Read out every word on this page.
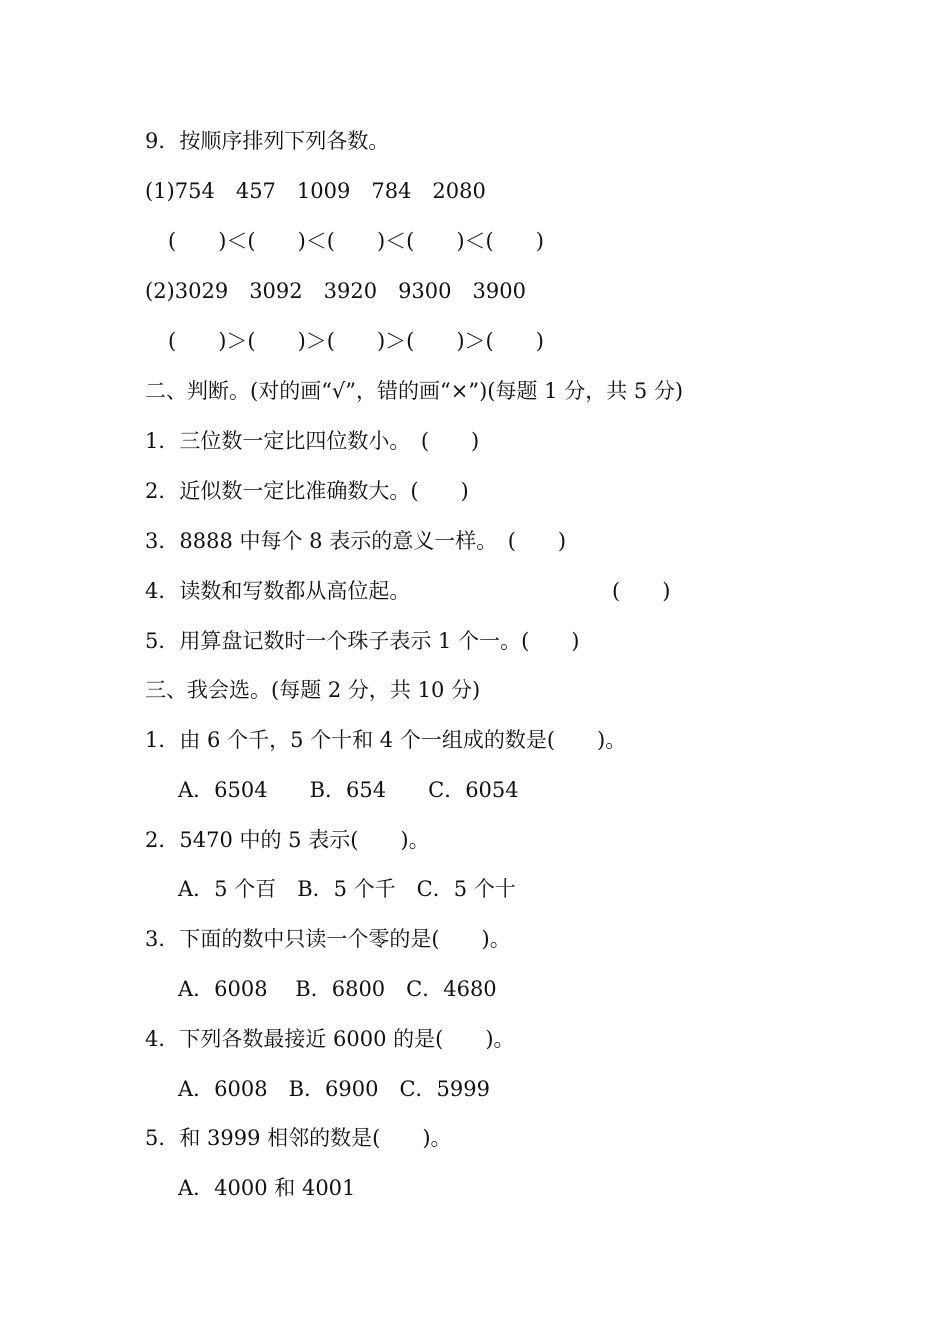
9．按顺序排列下列各数。
(1)754　457　1009　784　2080
(　　)＜(　　)＜(　　)＜(　　)＜(　　)
(2)3029　3092　3920　9300　3900
(　　)＞(　　)＞(　　)＞(　　)＞(　　)
二、判断。(对的画“√”，错的画“×”)(每题 1 分，共 5 分)
1．三位数一定比四位数小。　(　　)
2．近似数一定比准确数大。(　　)
3．8888 中每个 8 表示的意义一样。　(　　)
4．读数和写数都从高位起。	(　　)
5．用算盘记数时一个珠子表示 1 个一。(　　)
三、我会选。(每题 2 分，共 10 分)
1．由 6 个千，5 个十和 4 个一组成的数是(　　)。
A．6504　　B．654　　C．6054
2．5470 中的 5 表示(　　)。
A．5 个百　B．5 个千　C．5 个十
3．下面的数中只读一个零的是(　　)。
A．6008　 B．6800　C．4680
4．下列各数最接近 6000 的是(　　)。
A．6008　B．6900　C．5999
5．和 3999 相邻的数是(　　)。
A．4000 和 4001
